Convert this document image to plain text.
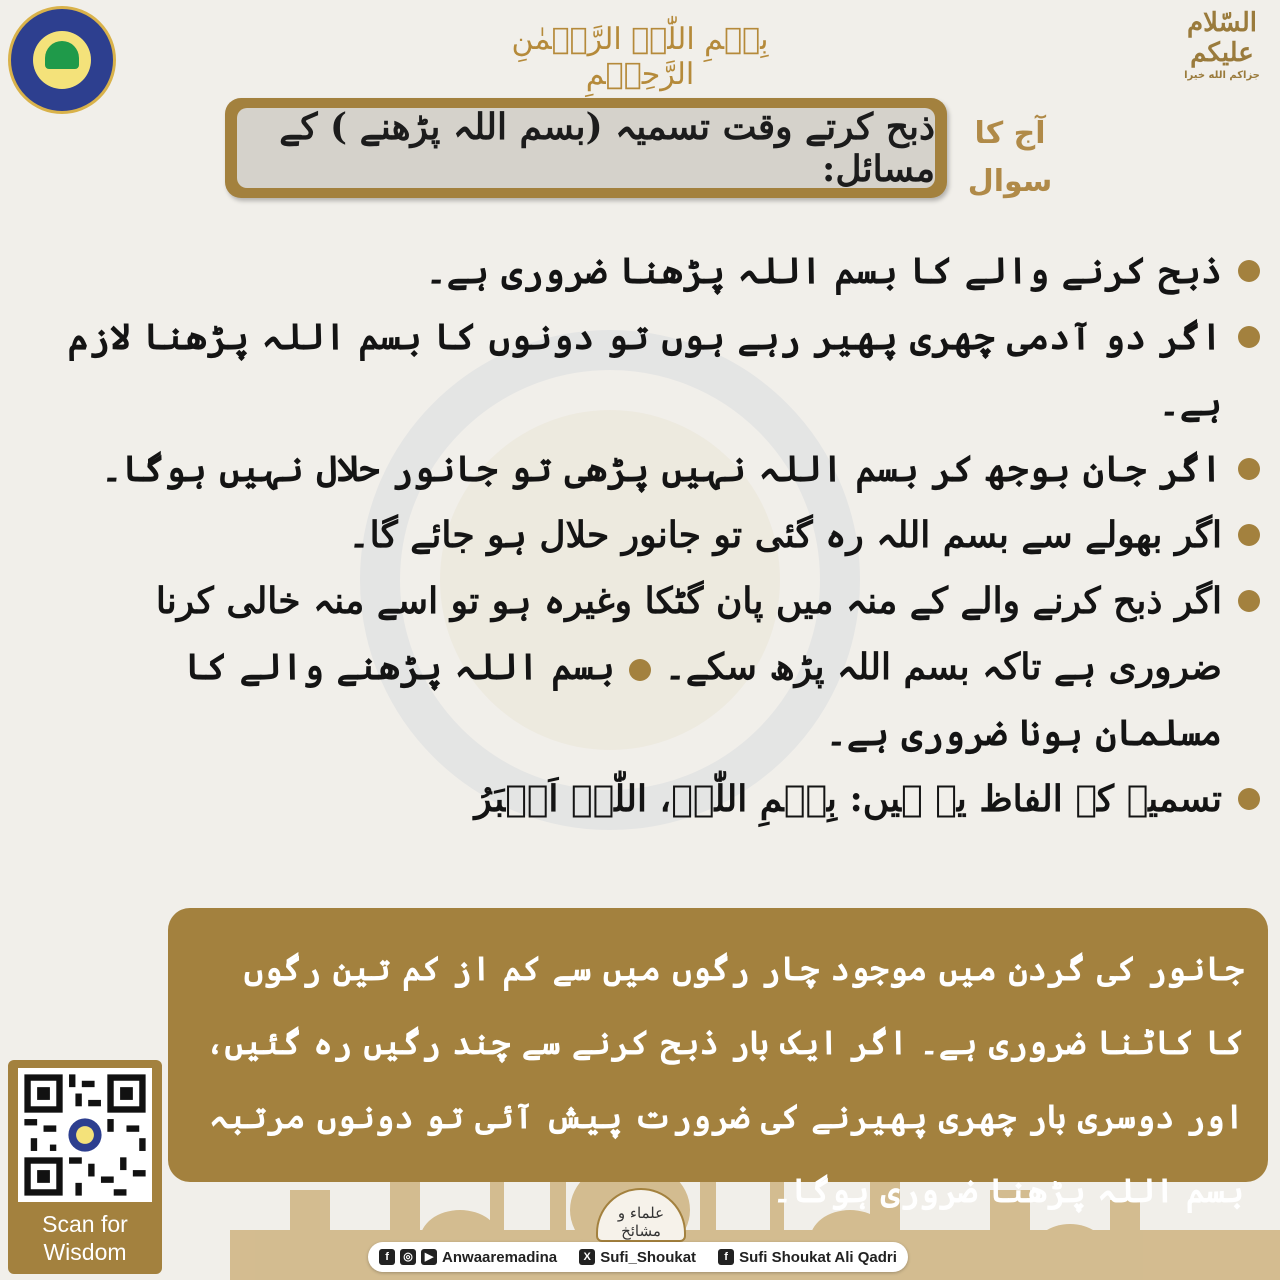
بِسۡمِ اللّٰہِ الرَّحۡمٰنِ الرَّحِیۡمِ
السّلام علیکم
جزاكم الله خيرا
ذبح کرتے وقت تسمیہ (بسم اللہ پڑھنے ) کے مسائل:
آج کا سوال
ذبح کرنے والے کا بسم اللہ پڑھنا ضروری ہے۔
اگر دو آدمی چھری پھیر رہے ہوں تو دونوں کا بسم اللہ پڑھنا لازم ہے۔
اگر جان بوجھ کر بسم اللہ نہیں پڑھی تو جانور حلال نہیں ہوگا۔
اگر بھولے سے بسم اللہ رہ گئی تو جانور حلال ہو جائے گا۔
اگر ذبح کرنے والے کے منہ میں پان گٹکا وغیرہ ہو تو اسے منہ خالی کرنا ضروری ہے تاکہ بسم اللہ پڑھ سکے۔بسم اللہ پڑھنے والے کا مسلمان ہونا ضروری ہے۔
تسمیہ کے الفاظ یہ ہیں: بِسۡمِ اللّٰہِ، اللّٰہُ اَکۡبَرُ
جانور کی گردن میں موجود چار رگوں میں سے کم از کم تین رگوں کا کاٹنا ضروری ہے۔ اگر ایک بار ذبح کرنے سے چند رگیں رہ گئیں، اور دوسری بار چھری پھیرنے کی ضرورت پیش آئی تو دونوں مرتبہ بسم اللہ پڑھنا ضروری ہوگا۔
Scan for Wisdom
علماء و مشائخ
f	◎	▶ Anwaaremadina	X Sufi_Shoukat	f Sufi Shoukat Ali Qadri
